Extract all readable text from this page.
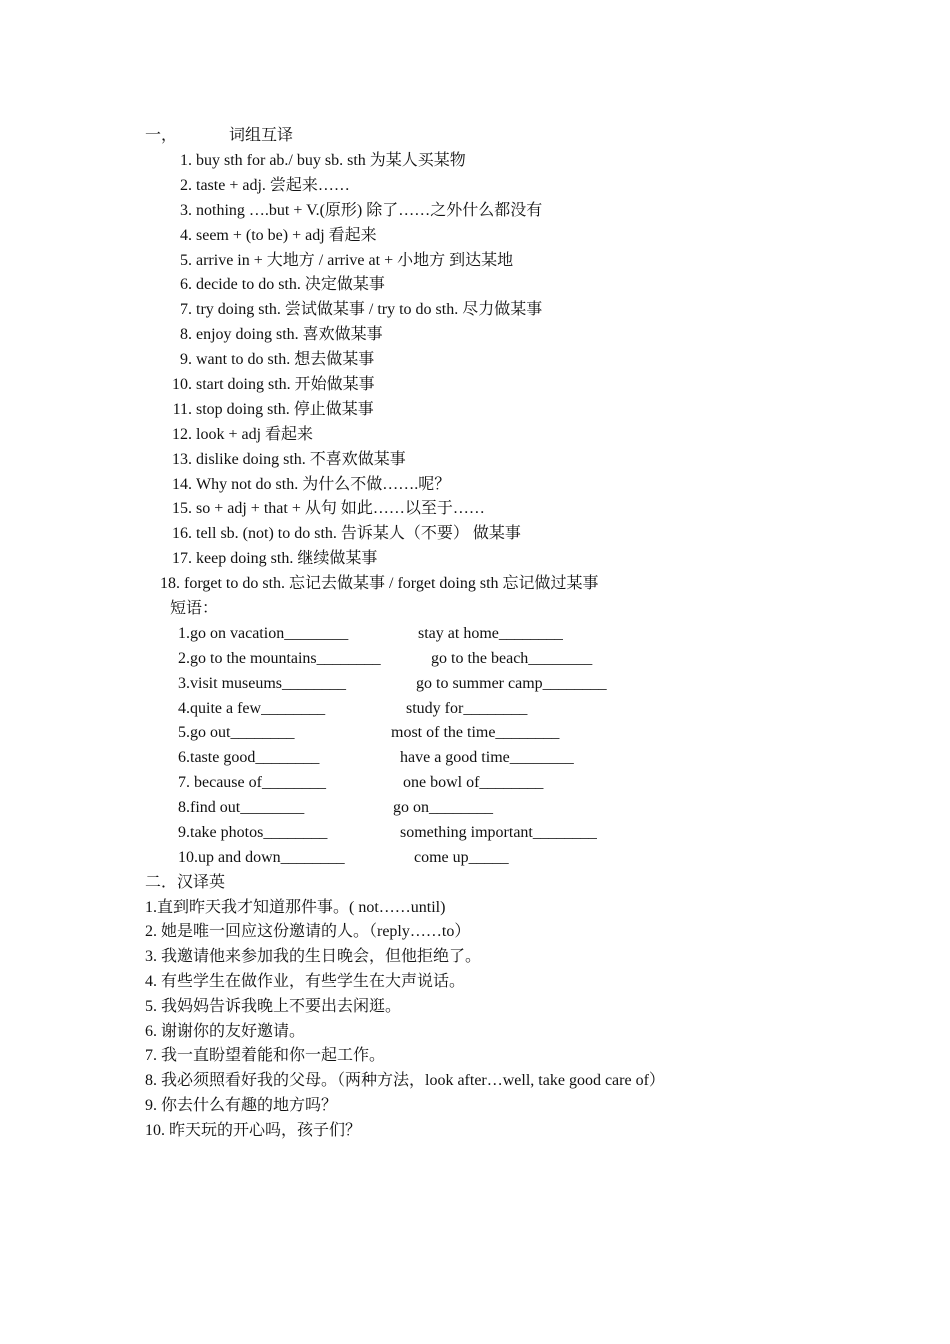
一，	词组互译
1. buy sth for ab./ buy sb. sth 为某人买某物
2. taste + adj. 尝起来……
3. nothing ….but + V.(原形) 除了……之外什么都没有
4. seem + (to be) + adj 看起来
5. arrive in + 大地方 / arrive at + 小地方 到达某地
6. decide to do sth. 决定做某事
7. try doing sth. 尝试做某事 / try to do sth. 尽力做某事
8. enjoy doing sth. 喜欢做某事
9. want to do sth. 想去做某事
10. start doing sth. 开始做某事
11. stop doing sth. 停止做某事
12. look + adj 看起来
13. dislike doing sth. 不喜欢做某事
14. Why not do sth. 为什么不做…….呢？
15. so + adj + that + 从句 如此……以至于……
16. tell sb. (not) to do sth. 告诉某人（不要） 做某事
17. keep doing sth. 继续做某事
18. forget to do sth. 忘记去做某事 / forget doing sth 忘记做过某事
短语：
1.go on vacation________	stay at home________
2.go to the mountains________	go to the beach________
3.visit museums________	go to summer camp________
4.quite a few________	study for________
5.go out________	most of the time________
6.taste good________	have a good time________
7. because of________	one bowl of________
8.find out________	go on________
9.take photos________	something important________
10.up and down________	come up_____
二．汉译英
1.直到昨天我才知道那件事。( not……until)
2. 她是唯一回应这份邀请的人。（reply……to）
3. 我邀请他来参加我的生日晚会，但他拒绝了。
4. 有些学生在做作业，有些学生在大声说话。
5. 我妈妈告诉我晚上不要出去闲逛。
6. 谢谢你的友好邀请。
7. 我一直盼望着能和你一起工作。
8. 我必须照看好我的父母。（两种方法，look after…well, take good care of）
9. 你去什么有趣的地方吗？
10. 昨天玩的开心吗，孩子们？
